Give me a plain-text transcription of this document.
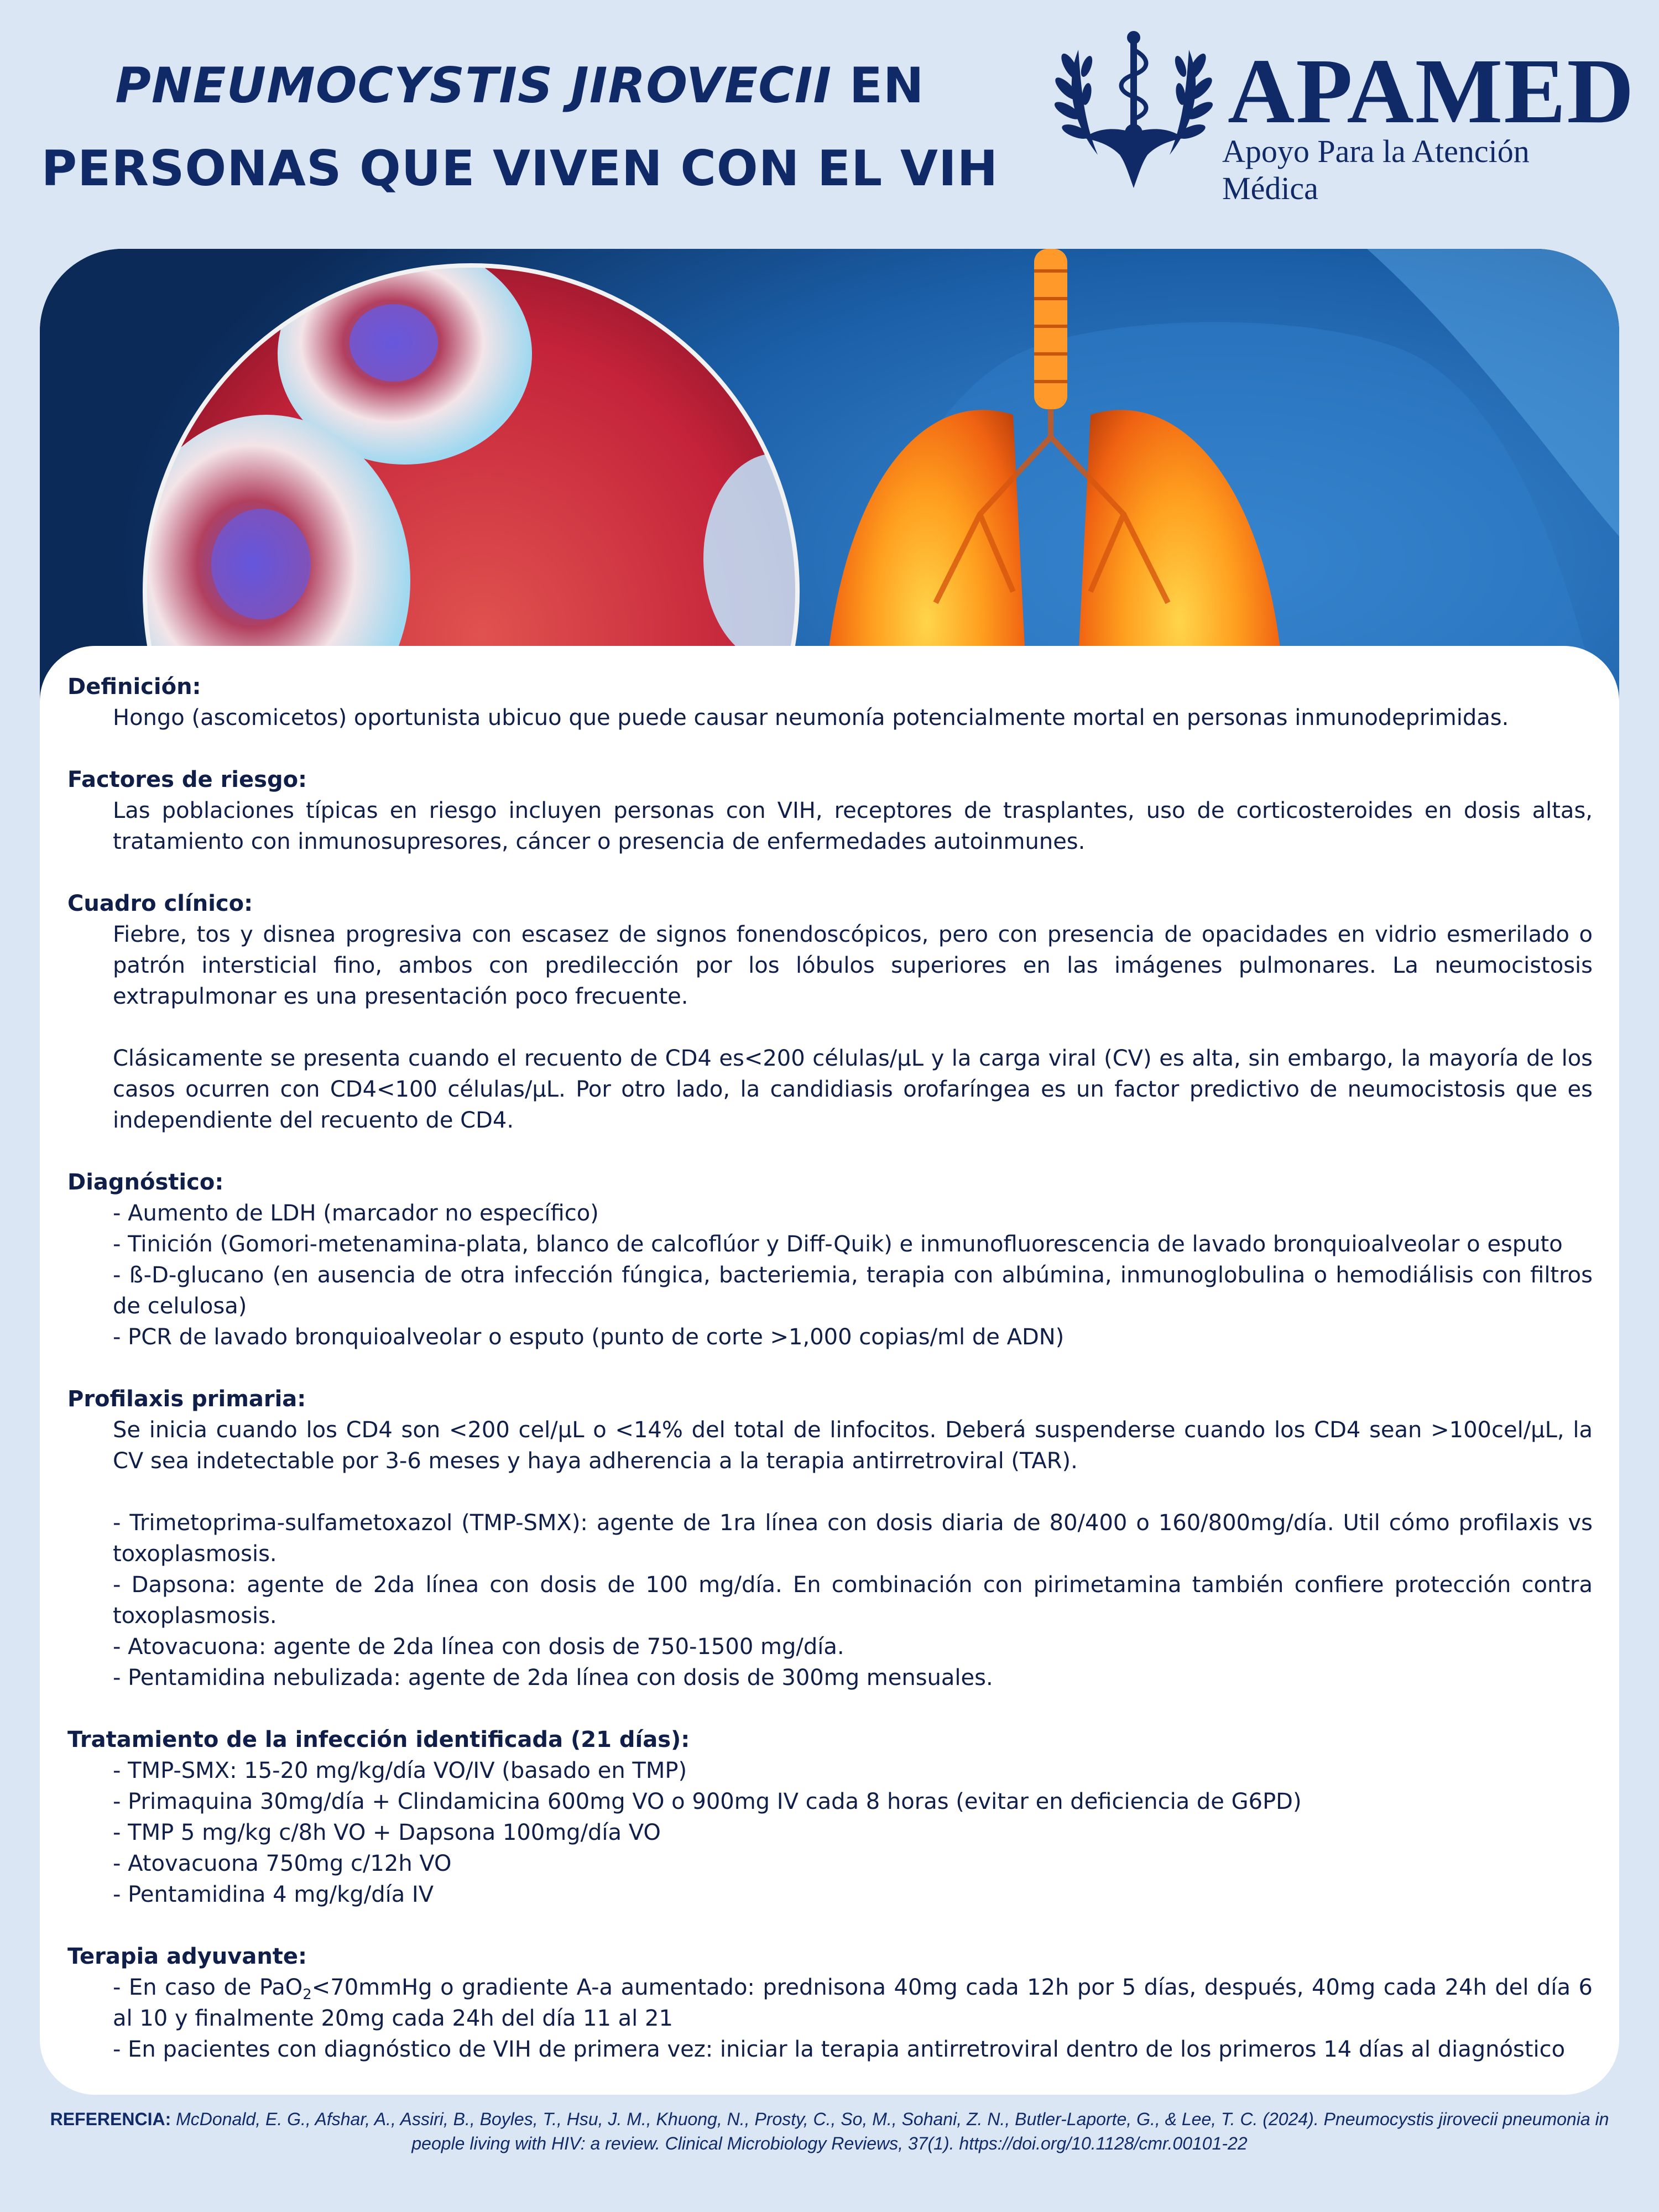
PNEUMOCYSTIS JIROVECII EN
PERSONAS QUE VIVEN CON EL VIH
APAMED
Apoyo Para la Atención Médica
Definición:
Hongo (ascomicetos) oportunista ubicuo que puede causar neumonía potencialmente mortal en personas inmunodeprimidas.
Factores de riesgo:
Las poblaciones típicas en riesgo incluyen personas con VIH, receptores de trasplantes, uso de corticosteroides en dosis altas, tratamiento con inmunosupresores, cáncer o presencia de enfermedades autoinmunes.
Cuadro clínico:
Fiebre, tos y disnea progresiva con escasez de signos fonendoscópicos, pero con presencia de opacidades en vidrio esmerilado o patrón intersticial fino, ambos con predilección por los lóbulos superiores en las imágenes pulmonares. La neumocistosis extrapulmonar es una presentación poco frecuente.
Clásicamente se presenta cuando el recuento de CD4 es<200 células/µL y la carga viral (CV) es alta, sin embargo, la mayoría de los casos ocurren con CD4<100 células/µL. Por otro lado, la candidiasis orofaríngea es un factor predictivo de neumocistosis que es independiente del recuento de CD4.
Diagnóstico:
- Aumento de LDH (marcador no específico)
- Tinición (Gomori-metenamina-plata, blanco de calcoflúor y Diff-Quik) e inmunofluorescencia de lavado bronquioalveolar o esputo
- ß-D-glucano (en ausencia de otra infección fúngica, bacteriemia, terapia con albúmina, inmunoglobulina o hemodiálisis con filtros de celulosa)
- PCR de lavado bronquioalveolar o esputo (punto de corte >1,000 copias/ml de ADN)
Profilaxis primaria:
Se inicia cuando los CD4 son <200 cel/µL o <14% del total de linfocitos. Deberá suspenderse cuando los CD4 sean >100cel/µL, la CV sea indetectable por 3-6 meses y haya adherencia a la terapia antirretroviral (TAR).
- Trimetoprima-sulfametoxazol (TMP-SMX): agente de 1ra línea con dosis diaria de 80/400 o 160/800mg/día. Util cómo profilaxis vs toxoplasmosis.
- Dapsona: agente de 2da línea con dosis de 100 mg/día. En combinación con pirimetamina también confiere protección contra toxoplasmosis.
- Atovacuona: agente de 2da línea con dosis de 750-1500 mg/día.
- Pentamidina nebulizada: agente de 2da línea con dosis de 300mg mensuales.
Tratamiento de la infección identificada (21 días):
- TMP-SMX: 15-20 mg/kg/día VO/IV (basado en TMP)
- Primaquina 30mg/día + Clindamicina 600mg VO o 900mg IV cada 8 horas (evitar en deficiencia de G6PD)
- TMP 5 mg/kg c/8h VO + Dapsona 100mg/día VO
- Atovacuona 750mg c/12h VO
- Pentamidina 4 mg/kg/día IV
Terapia adyuvante:
- En caso de PaO$_2$<70mmHg o gradiente A-a aumentado: prednisona 40mg cada 12h por 5 días, después, 40mg cada 24h del día 6 al 10 y finalmente 20mg cada 24h del día 11 al 21
- En pacientes con diagnóstico de VIH de primera vez: iniciar la terapia antirretroviral dentro de los primeros 14 días al diagnóstico
REFERENCIA: McDonald, E. G., Afshar, A., Assiri, B., Boyles, T., Hsu, J. M., Khuong, N., Prosty, C., So, M., Sohani, Z. N., Butler-Laporte, G., & Lee, T. C. (2024). Pneumocystis jirovecii pneumonia in people living with HIV: a review. Clinical Microbiology Reviews, 37(1). https://doi.org/10.1128/cmr.00101-22
